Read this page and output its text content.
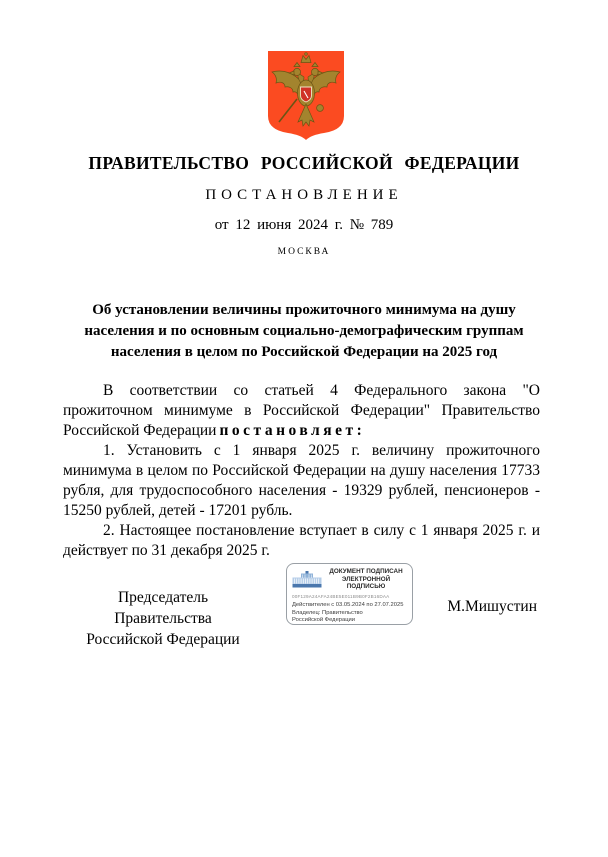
ПРАВИТЕЛЬСТВО РОССИЙСКОЙ ФЕДЕРАЦИИ
ПОСТАНОВЛЕНИЕ
от 12 июня 2024 г. № 789
МОСКВА
Об установлении величины прожиточного минимума на душу
населения и по основным социально-демографическим группам
населения в целом по Российской Федерации на 2025 год

В соответствии со статьей 4 Федерального закона "О прожиточном минимуме в Российской Федерации" Правительство Российской Федерации постановляет:

1. Установить с 1 января 2025 г. величину прожиточного минимума в целом по Российской Федерации на душу населения 17733 рубля, для трудоспособного населения - 19329 рублей, пенсионеров - 15250 рублей, детей - 17201 рубль.

2. Настоящее постановление вступает в силу с 1 января 2025 г. и действует по 31 декабря 2025 г.

Председатель Правительства
Российской Федерации
ДОКУМЕНТ ПОДПИСАН
ЭЛЕКТРОННОЙ ПОДПИСЬЮ
00F129A24AFA24BE5E011B9B0F2B16DAA
Действителен с 03.05.2024 по 27.07.2025
Владелец: Правительство Российской Федерации
М.Мишустин
